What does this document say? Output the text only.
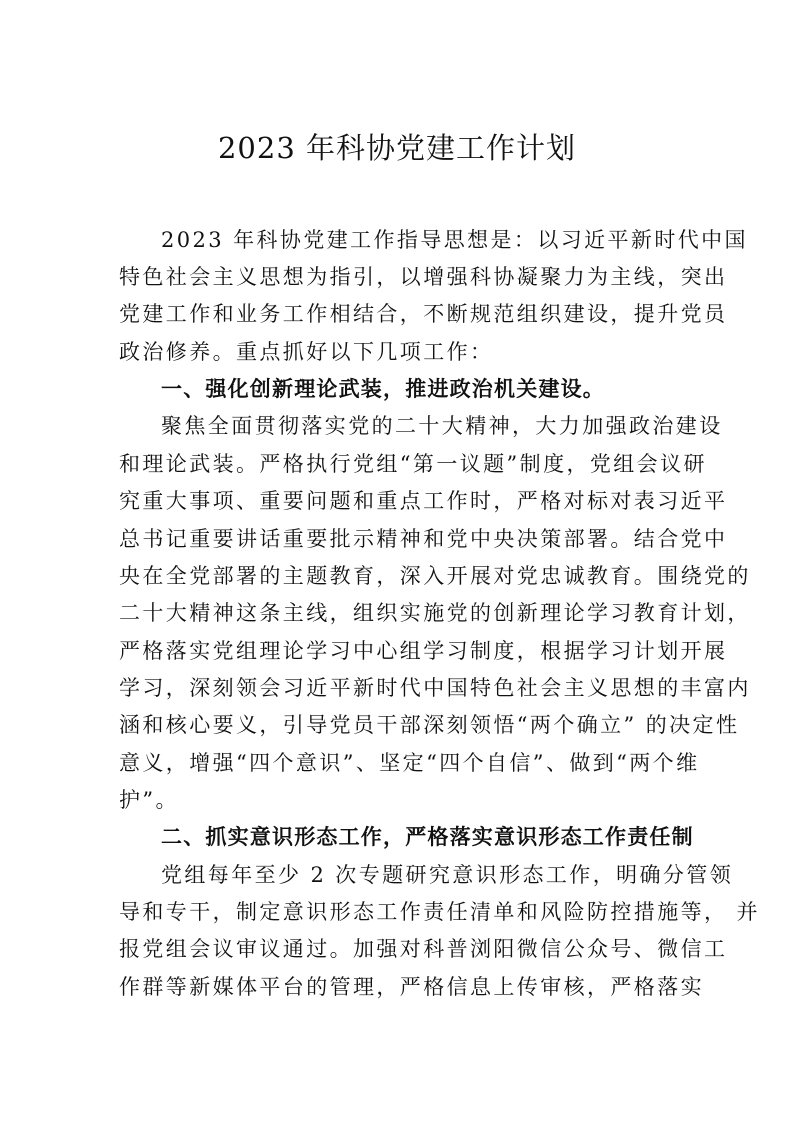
2023 年科协党建工作计划

2023 年科协党建工作指导思想是：以习近平新时代中国

特色社会主义思想为指引，以增强科协凝聚力为主线，突出

党建工作和业务工作相结合，不断规范组织建设，提升党员

政治修养。重点抓好以下几项工作：

一、强化创新理论武装，推进政治机关建设。

聚焦全面贯彻落实党的二十大精神，大力加强政治建设

和理论武装。严格执行党组“第一议题”制度，党组会议研

究重大事项、重要问题和重点工作时，严格对标对表习近平

总书记重要讲话重要批示精神和党中央决策部署。结合党中

央在全党部署的主题教育，深入开展对党忠诚教育。围绕党的

二十大精神这条主线，组织实施党的创新理论学习教育计划，

严格落实党组理论学习中心组学习制度，根据学习计划开展

学习，深刻领会习近平新时代中国特色社会主义思想的丰富内

涵和核心要义，引导党员干部深刻领悟“两个确立” 的决定性

意义，增强“四个意识”、坚定“四个自信”、做到“两个维

护”。

二、抓实意识形态工作，严格落实意识形态工作责任制

党组每年至少 2 次专题研究意识形态工作，明确分管领

导和专干，制定意识形态工作责任清单和风险防控措施等， 并

报党组会议审议通过。加强对科普浏阳微信公众号、微信工

作群等新媒体平台的管理，严格信息上传审核，严格落实
